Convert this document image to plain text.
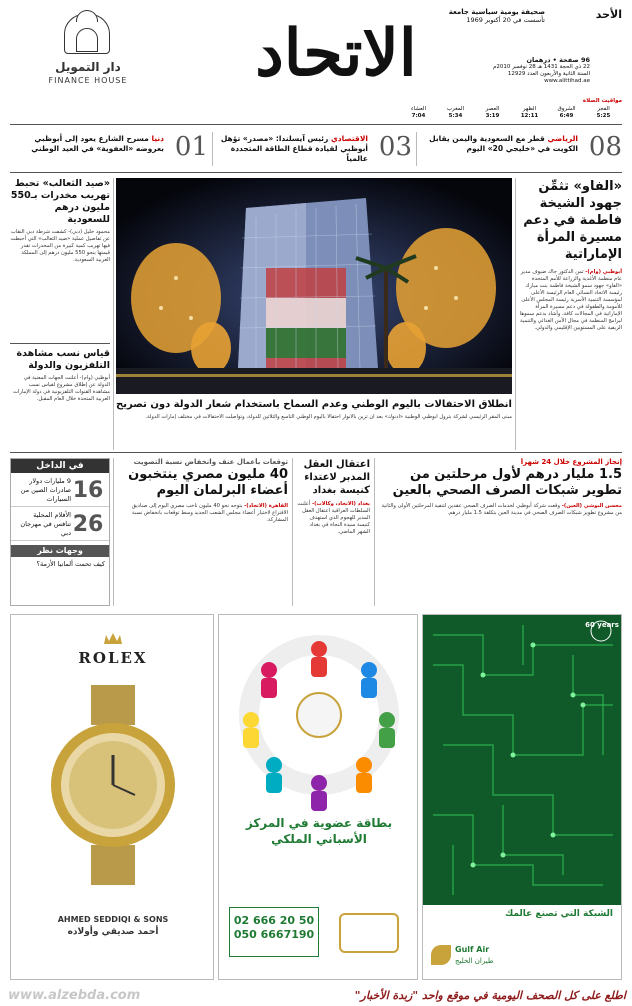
الأحد
صحيفة يومية سياسية جامعة
تأسست في 20 أكتوبر 1969
96 صفحة • درهمان
22 ذي الحجة 1431 هـ 28 نوفمبر 2010م
السنة الثانية والأربعون العدد 12929
www.alittihad.ae
الاتحاد
دار التمويل
FINANCE HOUSE
مواقيت الصلاة
الفجر
5:25
الشروق
6:49
الظهر
12:11
العصر
3:19
المغرب
5:34
العشاء
7:04
08
الرياضي قطر مع السعودية واليمن يقابل الكويت في «خليجي 20» اليوم
03
الاقتصادي رئيس آيسلندا: «مصدر» تؤهل أبوظبي لقيادة قطاع الطاقة المتجددة عالمياً
01
دنيا مسرح الشارع يعود إلى أبوظبي بعروضه «العفوية» في العيد الوطني
«الفاو» تثمِّن جهود الشيخة فاطمة في دعم مسيرة المرأة الإماراتية
أبوظبي (وام)- ثمن الدكتور جاك ضيوف مدير عام منظمة الأغذية والزراعة للأمم المتحدة «الفاو» جهود سمو الشيخة فاطمة بنت مبارك رئيسة الاتحاد النسائي العام الرئيسة الأعلى لمؤسسة التنمية الأسرية رئيسة المجلس الأعلى للأمومة والطفولة في دعم مسيرة المرأة الإماراتية في المجالات كافة، وأشاد بدعم سموها لبرامج المنظمة في مجال الأمن الغذائي والتنمية الريفية على المستويين الإقليمي والدولي.
انطلاق الاحتفالات باليوم الوطني وعدم السماح باستخدام شعار الدولة دون تصريح
مبنى المقر الرئيسي لشركة بترول أبوظبي الوطنية «أدنوك» بعد أن تزين بالأنوار احتفالاً باليوم الوطني التاسع والثلاثين للدولة، وتواصلت الاحتفالات في مختلف إمارات الدولة.
«صيد الثعالب» تحبط تهريب مخدرات بـ550 مليون درهم للسعودية
محمود خليل (دبي)- كشفت شرطة دبي النقاب عن تفاصيل عملية «صيد الثعالب» التي أحبطت فيها تهريب كمية كبيرة من المخدرات تقدر قيمتها بنحو 550 مليون درهم إلى المملكة العربية السعودية.
قياس نسب مشاهدة التلفزيون والدولة
أبوظبي (وام)- أعلنت الجهات المعنية في الدولة عن إطلاق مشروع لقياس نسب مشاهدة القنوات التلفزيونية في دولة الإمارات العربية المتحدة خلال العام المقبل.
إنجاز المشروع خلال 24 شهراً
1.5 مليار درهم لأول مرحلتين من تطوير شبكات الصرف الصحي بالعين
محسن البوشي (العين)- وقعت شركة أبوظبي لخدمات الصرف الصحي عقدين لتنفيذ المرحلتين الأولى والثانية من مشروع تطوير شبكات الصرف الصحي في مدينة العين بتكلفة 1.5 مليار درهم.
اعتقال العقل المدبر لاعتداء كنيسة بغداد
بغداد (الاتحاد، وكالات)- أعلنت السلطات العراقية اعتقال العقل المدبر للهجوم الذي استهدف كنيسة سيدة النجاة في بغداد الشهر الماضي.
توقعات بأعمال عنف وانخفاض نسبة التصويت
40 مليون مصري ينتخبون أعضاء البرلمان اليوم
القاهرة (الاتحاد)- يتوجه نحو 40 مليون ناخب مصري اليوم إلى صناديق الاقتراع لاختيار أعضاء مجلس الشعب الجديد وسط توقعات بانخفاض نسبة المشاركة.
في الداخل
16
9 مليارات دولار صادرات الصين من السيارات
26
الأفلام المحلية تنافس في مهرجان دبي
وجهات نظر
كيف تحمت ألمانيا الأزمة؟
60 years
الشبكة التي تصنع عالمك
Gulf Air
طيران الخليج
بطاقة عضوية في المركز الأسباني الملكي
02 666 20 50
050 6667190
ROLEX
AHMED SEDDIQI & SONS
أحمد صديقي وأولاده
www.alzebda.com	اطلع على كل الصحف اليومية في موقع واحد "زبدة الأخبار"
